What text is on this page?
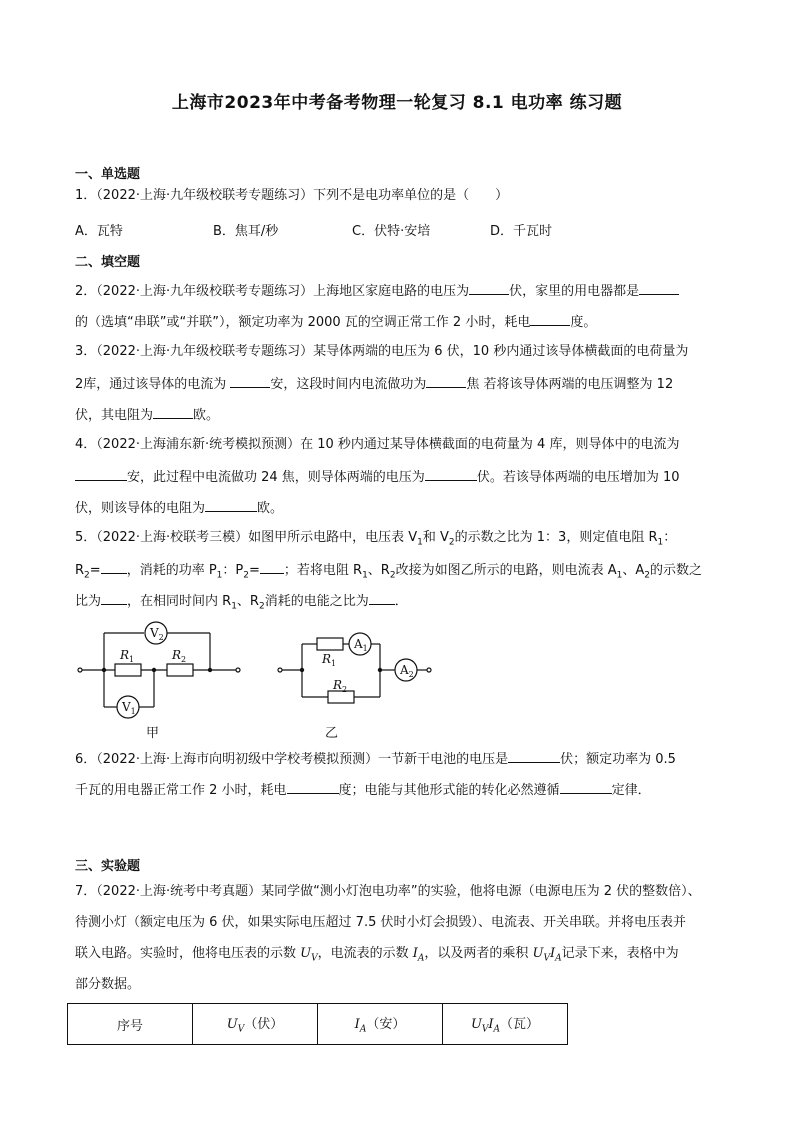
上海市2023年中考备考物理一轮复习 8.1 电功率 练习题
一、单选题
1．（2022·上海·九年级校联考专题练习）下列不是电功率单位的是（　　）
A．瓦特	B．焦耳/秒	C．伏特·安培	D．千瓦时
二、填空题
2．（2022·上海·九年级校联考专题练习）上海地区家庭电路的电压为	伏，家里的用电器都是
的（选填“串联”或“并联”），额定功率为 2000 瓦的空调正常工作 2 小时，耗电	度。
3．（2022·上海·九年级校联考专题练习）某导体两端的电压为 6 伏，10 秒内通过该导体横截面的电荷量为
2库，通过该导体的电流为	安，这段时间内电流做功为	焦 若将该导体两端的电压调整为 12
伏，其电阻为	欧。
4．（2022·上海浦东新·统考模拟预测）在 10 秒内通过某导体横截面的电荷量为 4 库，则导体中的电流为
安，此过程中电流做功 24 焦，则导体两端的电压为	伏。若该导体两端的电压增加为 10
伏，则该导体的电阻为	欧。
5．（2022·上海·校联考三模）如图甲所示电路中，电压表 $V_1$和 $V_2$的示数之比为 1：3，则定值电阻 $R_1$：
$R_2=$ ，消耗的功率 $P_1$：$P_2=$ ；若将电阻 $R_1$、$R_2$改接为如图乙所示的电路，则电流表 $A_1$、$A_2$的示数之
比为 ，在相同时间内 $R_1$、$R_2$消耗的电能之比为 ．
$V_2$
$V_1$
$R_1$	$R_2$
$A_1$
$A_2$
$R_1$
$R_2$
甲	乙
6．（2022·上海·上海市向明初级中学校考模拟预测）一节新干电池的电压是	伏；额定功率为 0.5
千瓦的用电器正常工作 2 小时，耗电	度；电能与其他形式能的转化必然遵循	定律．
三、实验题
7．（2022·上海·统考中考真题）某同学做“测小灯泡电功率”的实验，他将电源（电源电压为 2 伏的整数倍）、
待测小灯（额定电压为 6 伏，如果实际电压超过 7.5 伏时小灯会损毁）、电流表、开关串联。并将电压表并
联入电路。实验时，他将电压表的示数 $U_V$，电流表的示数 $I_A$，以及两者的乘积 $U_VI_A$记录下来，表格中为
部分数据。
序号	$U_V$（伏）	$I_A$（安）	$U_VI_A$（瓦）
